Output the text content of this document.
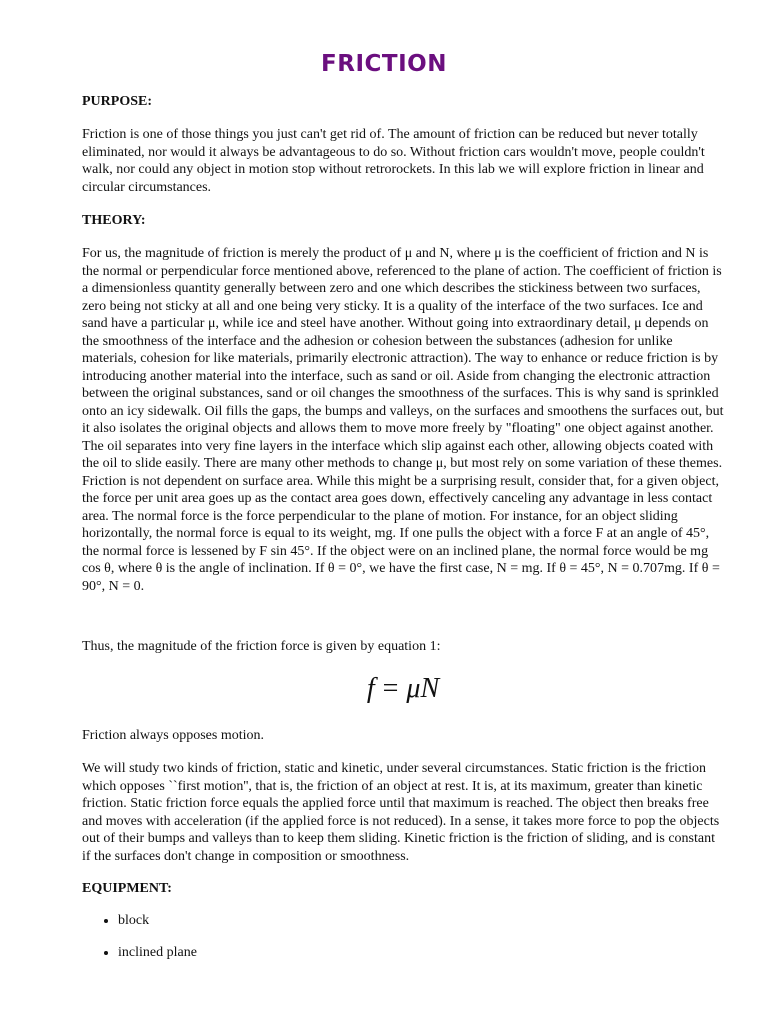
FRICTION
PURPOSE:
Friction is one of those things you just can't get rid of. The amount of friction can be reduced but never totally eliminated, nor would it always be advantageous to do so. Without friction cars wouldn't move, people couldn't walk, nor could any object in motion stop without retrorockets. In this lab we will explore friction in linear and circular circumstances.
THEORY:
For us, the magnitude of friction is merely the product of μ and N, where μ is the coefficient of friction and N is the normal or perpendicular force mentioned above, referenced to the plane of action. The coefficient of friction is a dimensionless quantity generally between zero and one which describes the stickiness between two surfaces, zero being not sticky at all and one being very sticky. It is a quality of the interface of the two surfaces. Ice and sand have a particular μ, while ice and steel have another. Without going into extraordinary detail, μ depends on the smoothness of the interface and the adhesion or cohesion between the substances (adhesion for unlike materials, cohesion for like materials, primarily electronic attraction). The way to enhance or reduce friction is by introducing another material into the interface, such as sand or oil. Aside from changing the electronic attraction between the original substances, sand or oil changes the smoothness of the surfaces. This is why sand is sprinkled onto an icy sidewalk. Oil fills the gaps, the bumps and valleys, on the surfaces and smoothens the surfaces out, but it also isolates the original objects and allows them to move more freely by "floating" one object against another. The oil separates into very fine layers in the interface which slip against each other, allowing objects coated with the oil to slide easily. There are many other methods to change μ, but most rely on some variation of these themes. Friction is not dependent on surface area. While this might be a surprising result, consider that, for a given object, the force per unit area goes up as the contact area goes down, effectively canceling any advantage in less contact area. The normal force is the force perpendicular to the plane of motion. For instance, for an object sliding horizontally, the normal force is equal to its weight, mg. If one pulls the object with a force F at an angle of 45°, the normal force is lessened by F sin 45°. If the object were on an inclined plane, the normal force would be mg cos θ, where θ is the angle of inclination. If θ = 0°, we have the first case, N = mg. If θ = 45°, N = 0.707mg. If θ = 90°, N = 0.
Thus, the magnitude of the friction force is given by equation 1:
f = μN
Friction always opposes motion.
We will study two kinds of friction, static and kinetic, under several circumstances. Static friction is the friction which opposes ``first motion'', that is, the friction of an object at rest. It is, at its maximum, greater than kinetic friction. Static friction force equals the applied force until that maximum is reached. The object then breaks free and moves with acceleration (if the applied force is not reduced). In a sense, it takes more force to pop the objects out of their bumps and valleys than to keep them sliding. Kinetic friction is the friction of sliding, and is constant if the surfaces don't change in composition or smoothness.
EQUIPMENT:
• block
• inclined plane
